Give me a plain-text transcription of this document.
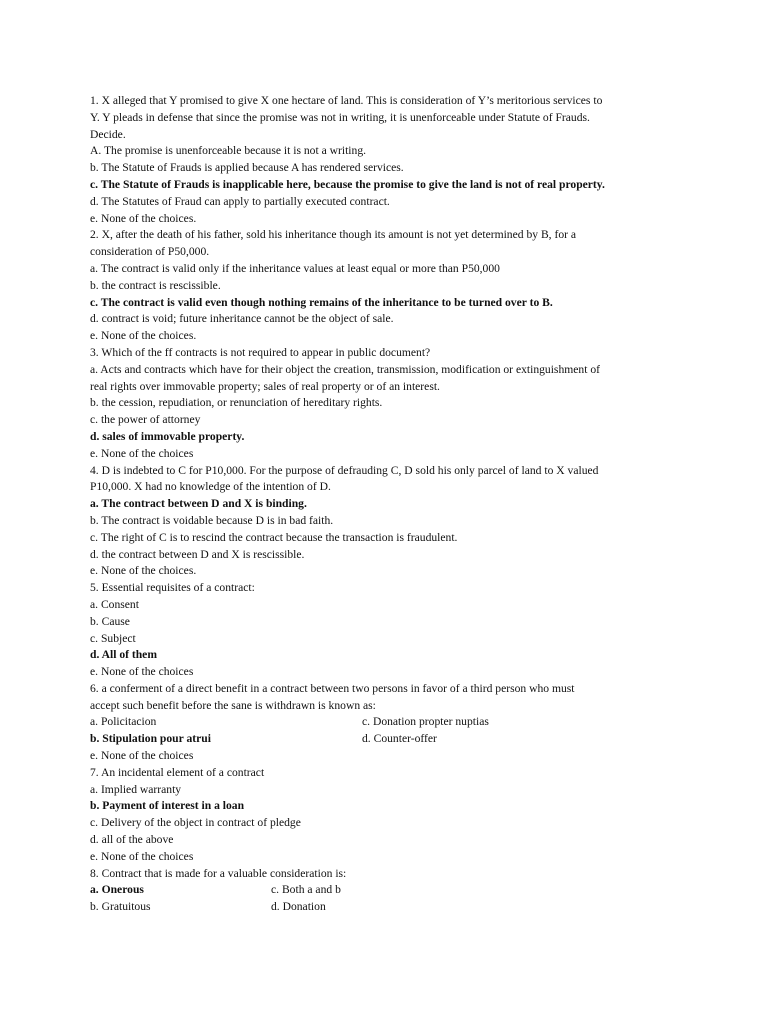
1. X alleged that Y promised to give X one hectare of land. This is consideration of Y’s meritorious services to
Y. Y pleads in defense that since the promise was not in writing, it is unenforceable under Statute of Frauds.
Decide.
A. The promise is unenforceable because it is not a writing.
b. The Statute of Frauds is applied because A has rendered services.
c. The Statute of Frauds is inapplicable here, because the promise to give the land is not of real property.
d. The Statutes of Fraud can apply to partially executed contract.
e. None of the choices.
2. X, after the death of his father, sold his inheritance though its amount is not yet determined by B, for a
consideration of P50,000.
a. The contract is valid only if the inheritance values at least equal or more than P50,000
b. the contract is rescissible.
c. The contract is valid even though nothing remains of the inheritance to be turned over to B.
d. contract is void; future inheritance cannot be the object of sale.
e. None of the choices.
3. Which of the ff contracts is not required to appear in public document?
a. Acts and contracts which have for their object the creation, transmission, modification or extinguishment of
real rights over immovable property; sales of real property or of an interest.
b. the cession, repudiation, or renunciation of hereditary rights.
c. the power of attorney
d. sales of immovable property.
e. None of the choices
4. D is indebted to C for P10,000. For the purpose of defrauding C, D sold his only parcel of land to X valued
P10,000. X had no knowledge of the intention of D.
a. The contract between D and X is binding.
b. The contract is voidable because D is in bad faith.
c. The right of C is to rescind the contract because the transaction is fraudulent.
d. the contract between D and X is rescissible.
e. None of the choices.
5. Essential requisites of a contract:
a. Consent
b. Cause
c. Subject
d. All of them
e. None of the choices
6. a conferment of a direct benefit in a contract between two persons in favor of a third person who must
accept such benefit before the sane is withdrawn is known as:
a. Policitacion	c. Donation propter nuptias
b. Stipulation pour atrui	d. Counter-offer
e. None of the choices
7. An incidental element of a contract
a. Implied warranty
b. Payment of interest in a loan
c. Delivery of the object in contract of pledge
d. all of the above
e. None of the choices
8. Contract that is made for a valuable consideration is:
a. Onerous	c. Both a and b
b. Gratuitous	d. Donation
